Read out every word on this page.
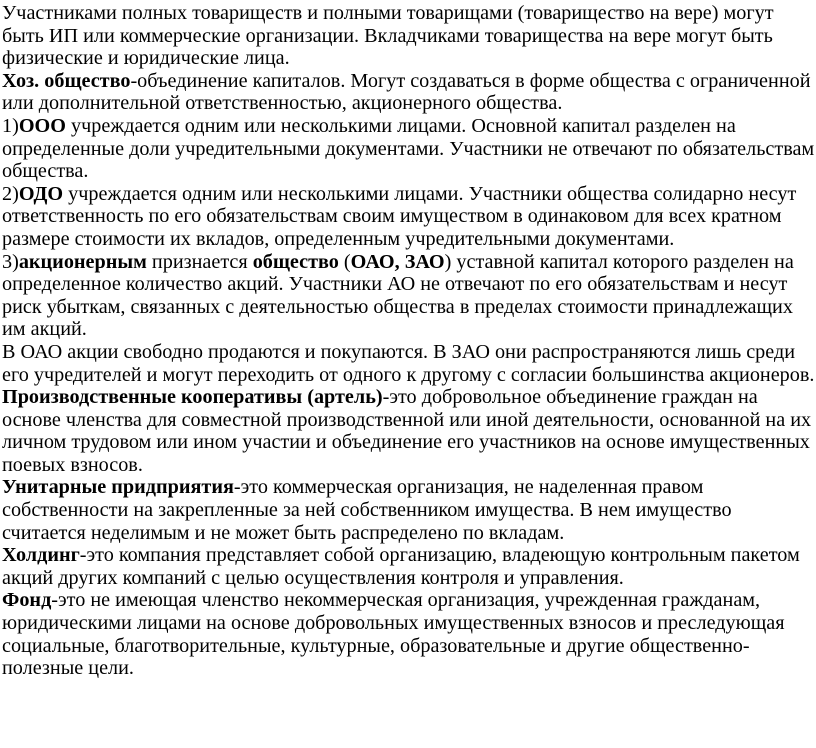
Участниками полных товариществ и полными товарищами (товарищество на вере) могут быть ИП или коммерческие организации. Вкладчиками товарищества на вере могут быть физические и юридические лица.

Хоз. общество-объединение капиталов. Могут создаваться в форме общества с ограниченной или дополнительной ответственностью, акционерного общества.

1)ООО учреждается одним или несколькими лицами. Основной капитал разделен на определенные доли учредительными документами. Участники не отвечают по обязательствам общества.

2)ОДО учреждается одним или несколькими лицами. Участники общества солидарно несут ответственность по его обязательствам своим имуществом в одинаковом для всех кратном размере стоимости их вкладов, определенным учредительными документами.

3)акционерным признается общество (ОАО, ЗАО) уставной капитал которого разделен на определенное количество акций. Участники АО не отвечают по его обязательствам и несут риск убыткам, связанных с деятельностью общества в пределах стоимости принадлежащих им акций.

В ОАО акции свободно продаются и покупаются. В ЗАО они распространяются лишь среди его учредителей и могут переходить от одного к другому с согласии большинства акционеров.

Производственные кооперативы (артель)-это добровольное объединение граждан на основе членства для совместной производственной или иной деятельности, основанной на их личном трудовом или ином участии и объединение его участников на основе имущественных поевых взносов.

Унитарные придприятия-это коммерческая организация, не наделенная правом собственности на закрепленные за ней собственником имущества. В нем имущество считается неделимым и не может быть распределено по вкладам.

Холдинг-это компания представляет собой организацию, владеющую контрольным пакетом акций других компаний с целью осуществления контроля и управления.

Фонд-это не имеющая членство некоммерческая организация, учрежденная гражданам, юридическими лицами на основе добровольных имущественных взносов и преследующая социальные, благотворительные, культурные, образовательные и другие общественно-полезные цели.
